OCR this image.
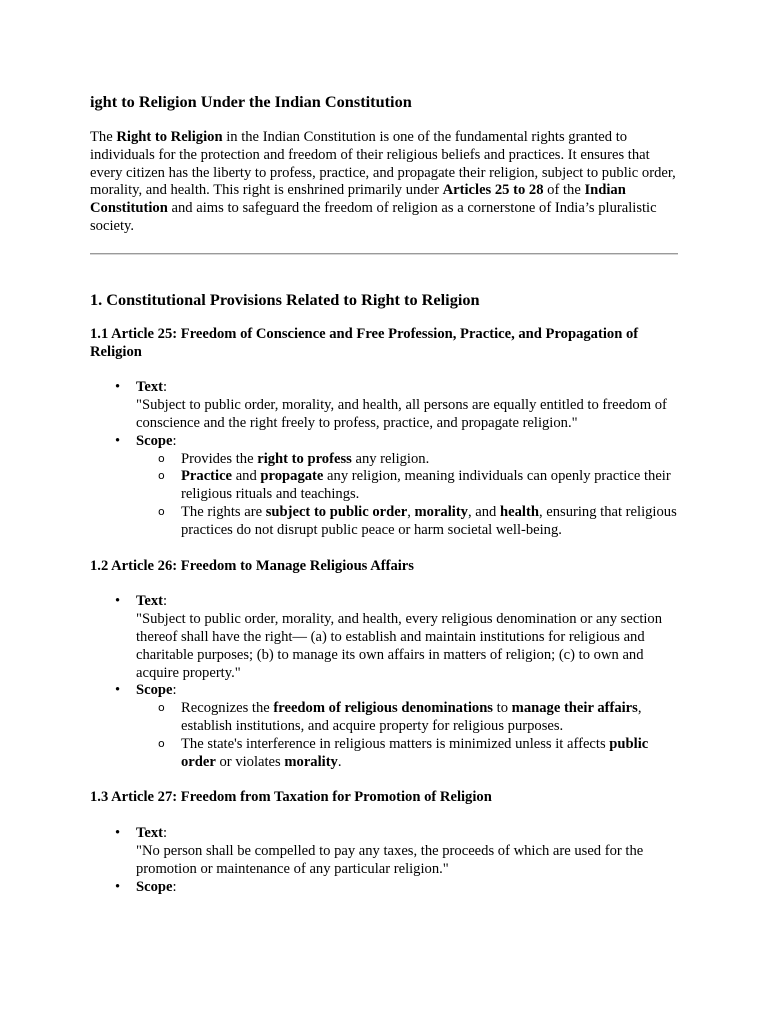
ight to Religion Under the Indian Constitution

The Right to Religion in the Indian Constitution is one of the fundamental rights granted to individuals for the protection and freedom of their religious beliefs and practices. It ensures that every citizen has the liberty to profess, practice, and propagate their religion, subject to public order, morality, and health. This right is enshrined primarily under Articles 25 to 28 of the Indian Constitution and aims to safeguard the freedom of religion as a cornerstone of India’s pluralistic society.

1. Constitutional Provisions Related to Right to Religion
1.1 Article 25: Freedom of Conscience and Free Profession, Practice, and Propagation of Religion
• Text:
"Subject to public order, morality, and health, all persons are equally entitled to freedom of conscience and the right freely to profess, practice, and propagate religion."
• Scope:
o Provides the right to profess any religion.
o Practice and propagate any religion, meaning individuals can openly practice their religious rituals and teachings.
o The rights are subject to public order, morality, and health, ensuring that religious practices do not disrupt public peace or harm societal well-being.
1.2 Article 26: Freedom to Manage Religious Affairs
• Text:
"Subject to public order, morality, and health, every religious denomination or any section thereof shall have the right— (a) to establish and maintain institutions for religious and charitable purposes; (b) to manage its own affairs in matters of religion; (c) to own and acquire property."
• Scope:
o Recognizes the freedom of religious denominations to manage their affairs, establish institutions, and acquire property for religious purposes.
o The state's interference in religious matters is minimized unless it affects public order or violates morality.
1.3 Article 27: Freedom from Taxation for Promotion of Religion
• Text:
"No person shall be compelled to pay any taxes, the proceeds of which are used for the promotion or maintenance of any particular religion."
• Scope:
